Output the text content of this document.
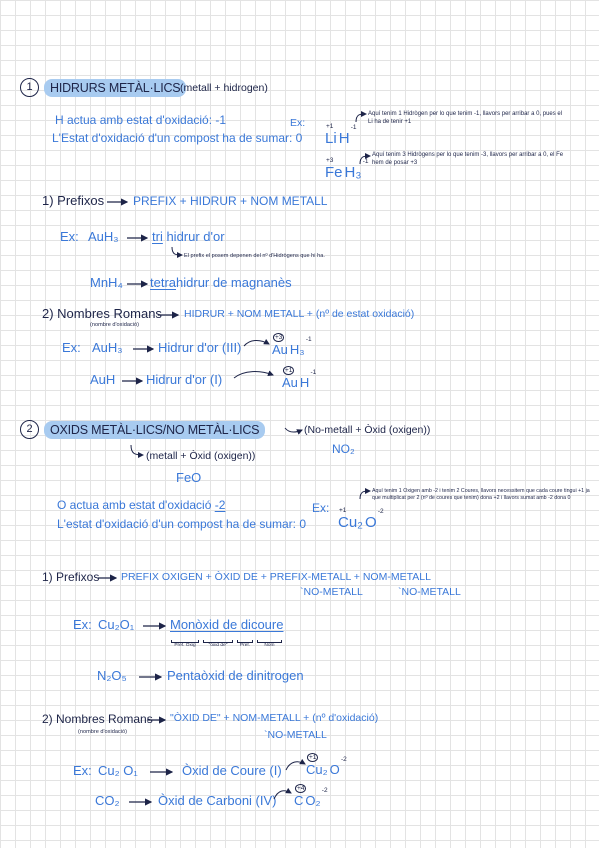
1	HIDRURS METÀL·LICS (metall + hidrogen)
H actua amb estat d'oxidació: -1
L'Estat d'oxidació d'un compost ha de sumar: 0
Ex:	+1
Li
-1
H
Aquí tenim 1 Hidrògen per lo que tenim -1, llavors per arribar a 0, pues el Li ha de tenir +1
+3
Fe
-1
H₃
Aquí tenim 3 Hidrògens per lo que tenim -3, llavors per arribar a 0, el Fe hem de posar +3
1) Prefixos PREFIX + HIDRUR + NOM METALL
Ex: AuH₃	tri hidrur d'or
El prefix el posem depenen del nº d'Hidrògens que hi ha.
MnH₄ tetrahidrur de magnanès
2) Nombres Romans
(nombre d'oxidació)
HIDRUR + NOM METALL + (nº de estat oxidació)
Ex: AuH₃	Hidrur d'or (III)
+3
Au
-1
H₃
AuH Hidrur d'or (I)
+1
Au
-1
H
2	OXIDS METÀL·LICS/NO METÀL·LICS	(No-metall + Òxid (oxigen))
NO₂
(metall + Òxid (oxigen))
FeO
O actua amb estat d'oxidació -2
L'estat d'oxidació d'un compost ha de sumar: 0
Ex: +1
Cu₂
-2
O
Aquí tenim 1 Oxigen amb -2 i tenim 2 Coures, llavors necessitem que cada coure tingui +1 ja que multiplicat per 2 (nº de coures que tenim) dona +2 i llavors sumat amb -2 dona 0
1) Prefixos PREFIX OXIGEN + ÒXID DE + PREFIX-METALL + NOM-METALL
`NO-METALL	`NO-METALL
Ex: Cu₂O₁	Monòxid de dicoure
Pref. Oxig	"òxid de"	Pref.	Nom
N₂O₅	Pentaòxid de dinitrogen
2) Nombres Romans
(nombre d'oxidació)
"ÒXID DE" + NOM-METALL + (nº d'oxidació)
`NO-METALL
Ex: Cu₂ O₁	Òxid de Coure (I)
+1
Cu₂
-2
O
CO₂	Òxid de Carboni (IV)
+4
C
-2
O₂
